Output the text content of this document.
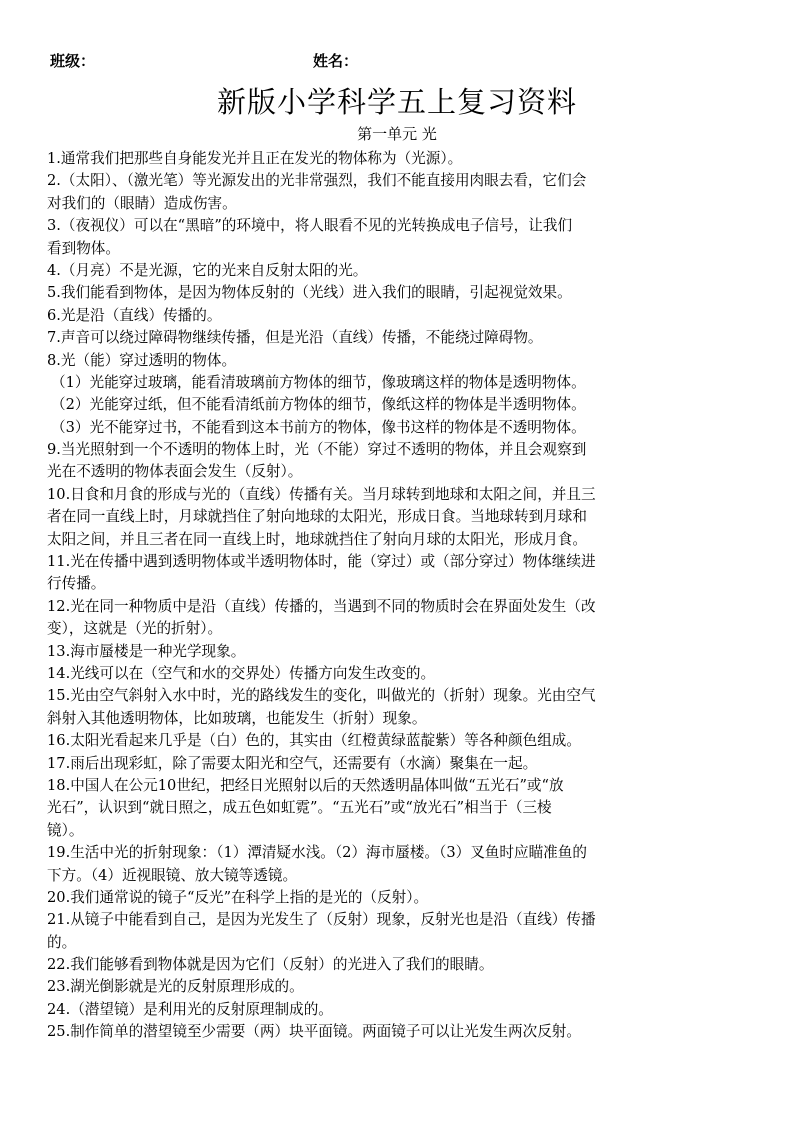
班级：	姓名：
新版小学科学五上复习资料
第一单元 光
1.通常我们把那些自身能发光并且正在发光的物体称为（光源）。
2.（太阳）、（激光笔）等光源发出的光非常强烈，我们不能直接用肉眼去看，它们会
对我们的（眼睛）造成伤害。
3.（夜视仪）可以在“黑暗”的环境中，将人眼看不见的光转换成电子信号，让我们
看到物体。
4.（月亮）不是光源，它的光来自反射太阳的光。
5.我们能看到物体，是因为物体反射的（光线）进入我们的眼睛，引起视觉效果。
6.光是沿（直线）传播的。
7.声音可以绕过障碍物继续传播，但是光沿（直线）传播，不能绕过障碍物。
8.光（能）穿过透明的物体。
（1）光能穿过玻璃，能看清玻璃前方物体的细节，像玻璃这样的物体是透明物体。
（2）光能穿过纸，但不能看清纸前方物体的细节，像纸这样的物体是半透明物体。
（3）光不能穿过书，不能看到这本书前方的物体，像书这样的物体是不透明物体。
9.当光照射到一个不透明的物体上时，光（不能）穿过不透明的物体，并且会观察到
光在不透明的物体表面会发生（反射）。
10.日食和月食的形成与光的（直线）传播有关。当月球转到地球和太阳之间，并且三
者在同一直线上时，月球就挡住了射向地球的太阳光，形成日食。当地球转到月球和
太阳之间，并且三者在同一直线上时，地球就挡住了射向月球的太阳光，形成月食。
11.光在传播中遇到透明物体或半透明物体时，能（穿过）或（部分穿过）物体继续进
行传播。
12.光在同一种物质中是沿（直线）传播的，当遇到不同的物质时会在界面处发生（改
变），这就是（光的折射）。
13.海市蜃楼是一种光学现象。
14.光线可以在（空气和水的交界处）传播方向发生改变的。
15.光由空气斜射入水中时，光的路线发生的变化，叫做光的（折射）现象。光由空气
斜射入其他透明物体，比如玻璃，也能发生（折射）现象。
16.太阳光看起来几乎是（白）色的，其实由（红橙黄绿蓝靛紫）等各种颜色组成。
17.雨后出现彩虹，除了需要太阳光和空气，还需要有（水滴）聚集在一起。
18.中国人在公元10世纪，把经日光照射以后的天然透明晶体叫做“五光石”或“放
光石”，认识到“就日照之，成五色如虹霓”。“五光石”或“放光石”相当于（三棱
镜）。
19.生活中光的折射现象：（1）潭清疑水浅。（2）海市蜃楼。（3）叉鱼时应瞄准鱼的
下方。（4）近视眼镜、放大镜等透镜。
20.我们通常说的镜子“反光”在科学上指的是光的（反射）。
21.从镜子中能看到自己，是因为光发生了（反射）现象，反射光也是沿（直线）传播
的。
22.我们能够看到物体就是因为它们（反射）的光进入了我们的眼睛。
23.湖光倒影就是光的反射原理形成的。
24.（潜望镜）是利用光的反射原理制成的。
25.制作简单的潜望镜至少需要（两）块平面镜。两面镜子可以让光发生两次反射。
